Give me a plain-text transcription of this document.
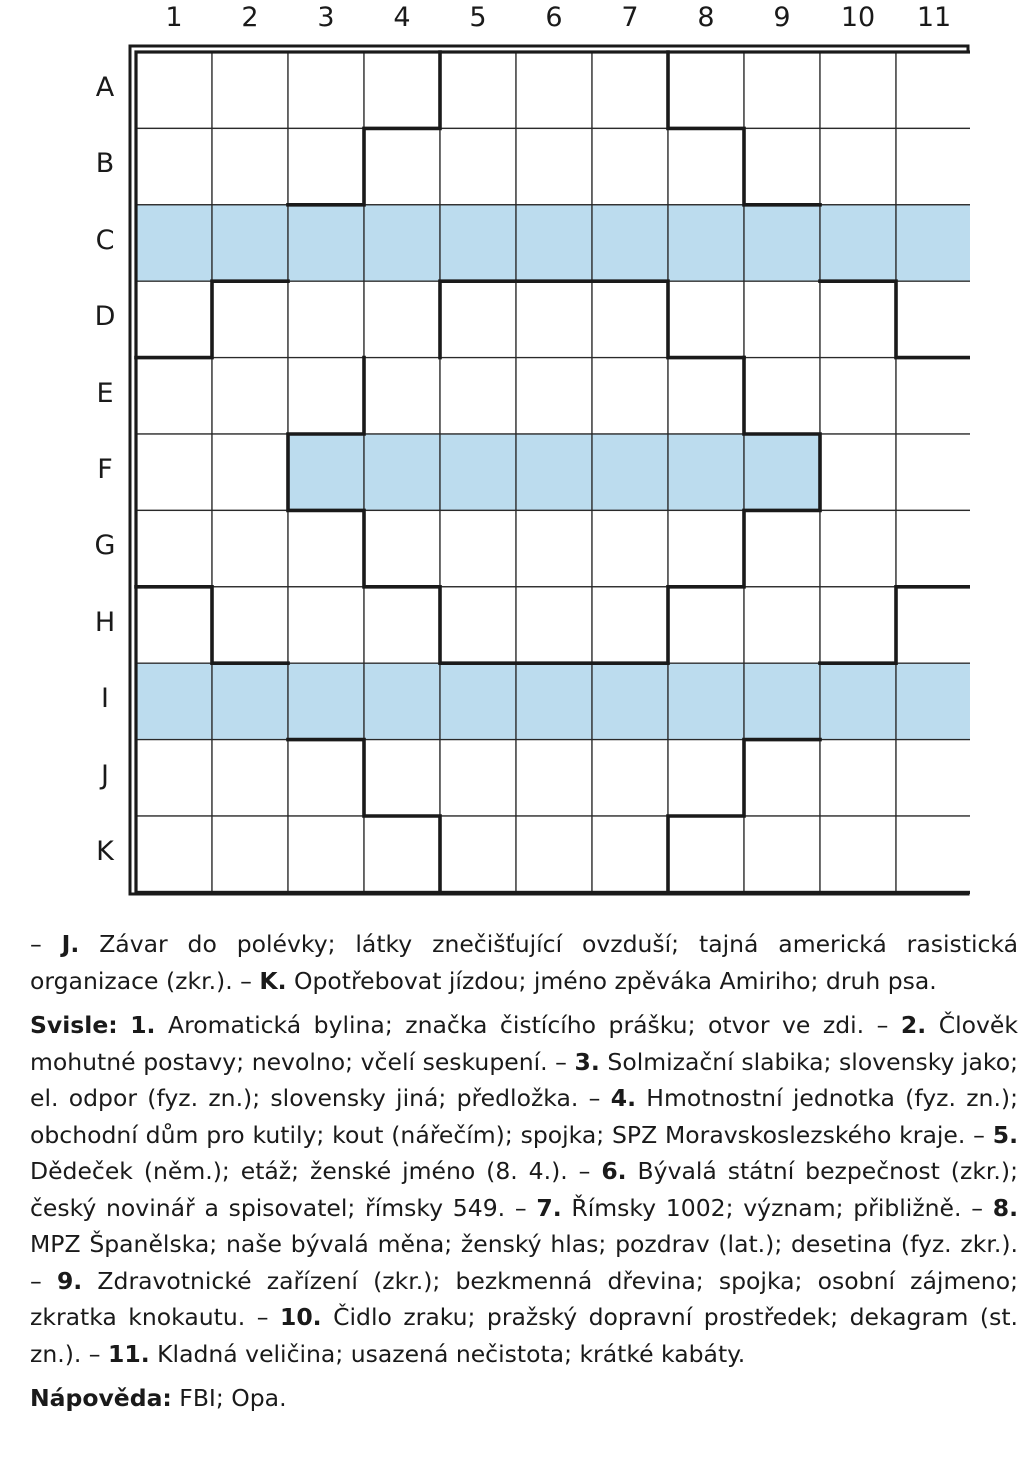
1	2	3	4	5	6	7	8	9	10	11
A
B
C
D
E
F
G
H
I
J
K

– J. Závar do polévky; látky znečišťující ovzduší; tajná americká rasistická organizace (zkr.). – K. Opotřebovat jízdou; jméno zpěváka Amiriho; druh psa.

Svisle: 1. Aromatická bylina; značka čistícího prášku; otvor ve zdi. – 2. Člověk mohutné postavy; nevolno; včelí seskupení. – 3. Solmizační slabika; slovensky jako; el. odpor (fyz. zn.); slovensky jiná; předložka. – 4. Hmotnostní jednotka (fyz. zn.); obchodní dům pro kutily; kout (nářečím); spojka; SPZ Moravskoslezského kraje. – 5. Dědeček (něm.); etáž; ženské jméno (8. 4.). – 6. Bývalá státní bezpečnost (zkr.); český novinář a spisovatel; římsky 549. – 7. Římsky 1002; význam; přibližně. – 8. MPZ Španělska; naše bývalá měna; ženský hlas; pozdrav (lat.); desetina (fyz. zkr.). – 9. Zdravotnické zařízení (zkr.); bezkmenná dřevina; spojka; osobní zájmeno; zkratka knokautu. – 10. Čidlo zraku; pražský dopravní prostředek; dekagram (st. zn.). – 11. Kladná veličina; usazená nečistota; krátké kabáty.

Nápověda: FBI; Opa.
